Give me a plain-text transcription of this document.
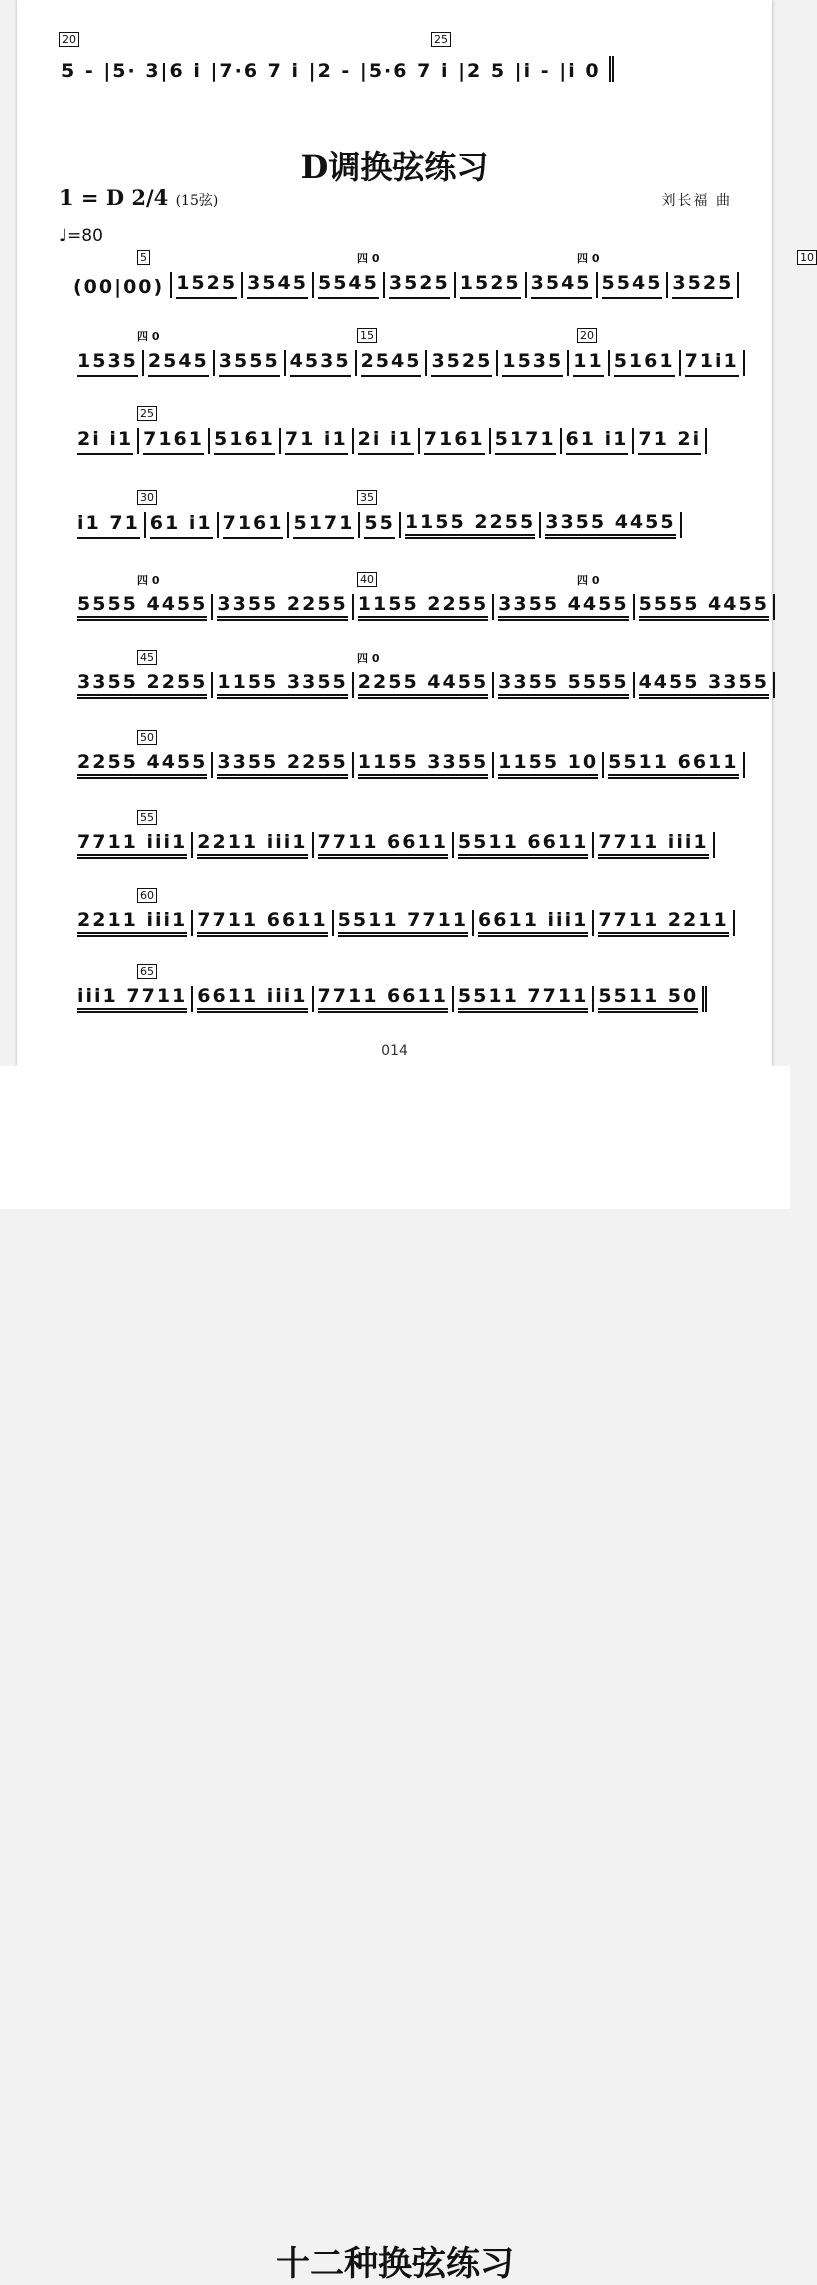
20	25
5 - |5· 3|6 i |7·6 7 i |2 - |5·6 7 i |2 5 |i - |i 0
D调换弦练习
1 = D 2/4 (15弦)	刘长福 曲
♩=80
(00|00) 1525 3545 5545 3525 1525 3545 5545 3525
5	四 0	四 0	10
1535 2545 3555 4535 2545 3525 1535 11 5161 71i1
四 0	15	20
2i i1 7161 5161 71 i1 2i i1 7161 5171 61 i1 71 2i
25
i1 71 61 i1 7161 5171 55 1155 2255 3355 4455
30	35
5555 4455 3355 2255 1155 2255 3355 4455 5555 4455
四 0	40	四 0
3355 2255 1155 3355 2255 4455 3355 5555 4455 3355
45	四 0
2255 4455 3355 2255 1155 3355 1155 10 5511 6611
50
7711 iii1 2211 iii1 7711 6611 5511 6611 7711 iii1
55
2211 iii1 7711 6611 5511 7711 6611 iii1 7711 2211
60
iii1 7711 6611 iii1 7711 6611 5511 7711 5511 50
65
014
十二种换弦练习
